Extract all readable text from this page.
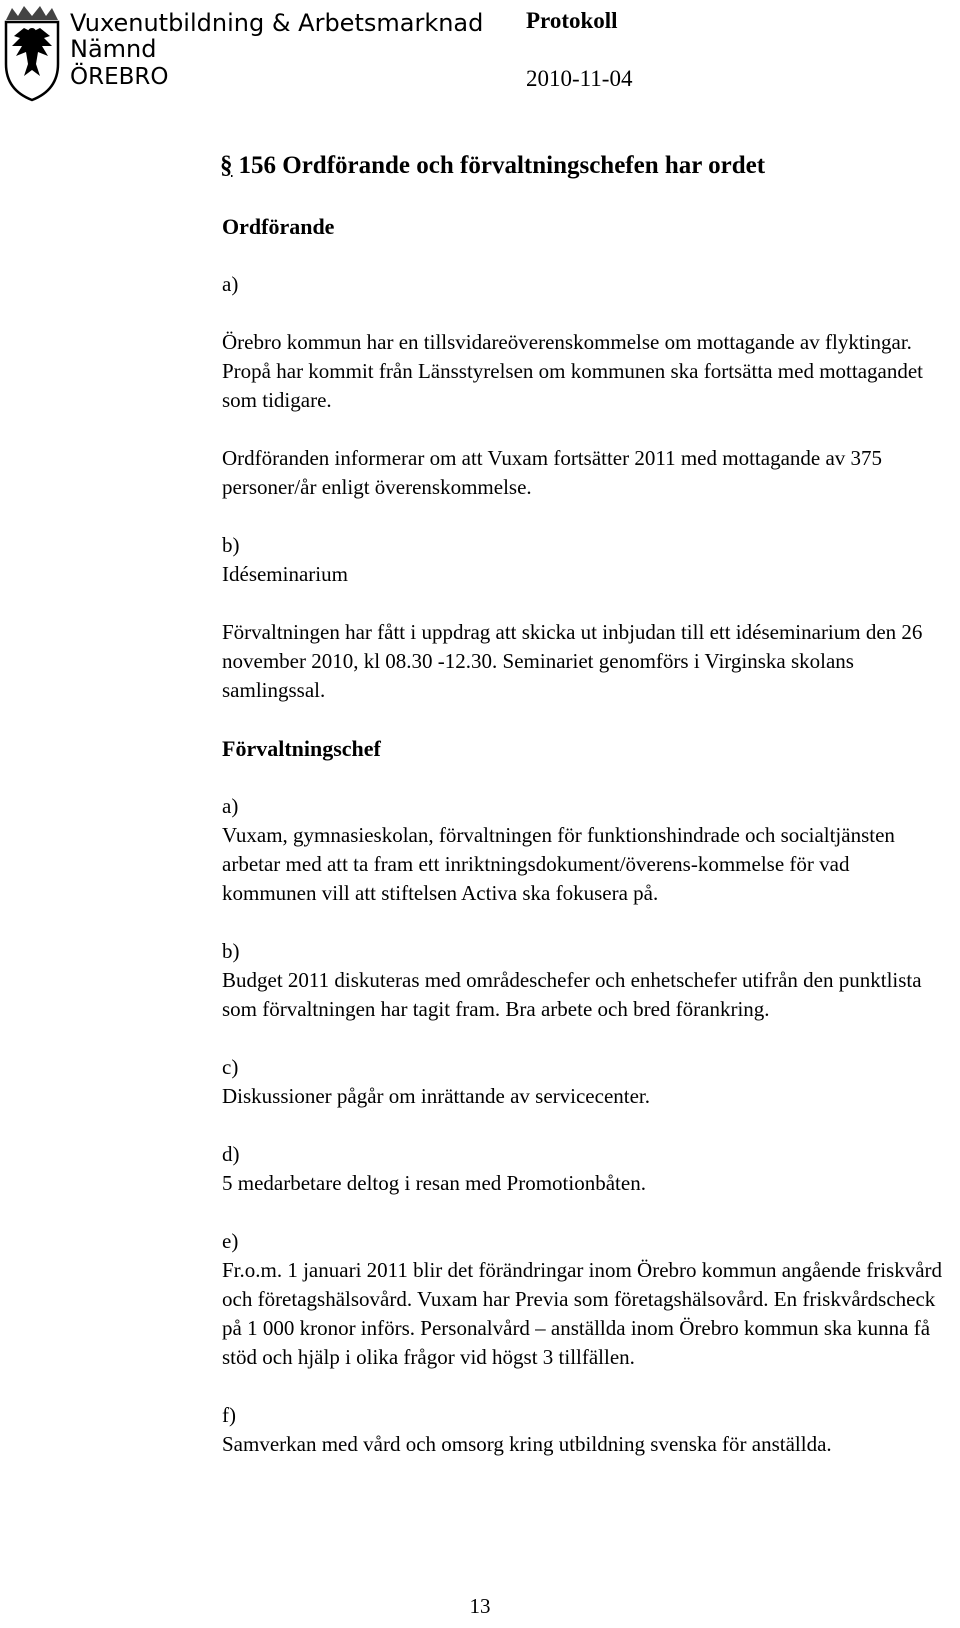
Vuxenutbildning & Arbetsmarknad
Nämnd
ÖREBRO
Protokoll
2010-11-04
§ 156 Ordförande och förvaltningschefen har ordet

Ordförande

a)

Örebro kommun har en tillsvidareöverenskommelse om mottagande av flyktingar. Propå har kommit från Länsstyrelsen om kommunen ska fortsätta med mottagandet som tidigare.

Ordföranden informerar om att Vuxam fortsätter 2011 med mottagande av 375 personer/år enligt överenskommelse.

b)

Idéseminarium

Förvaltningen har fått i uppdrag att skicka ut inbjudan till ett idéseminarium den 26 november 2010, kl 08.30 -12.30. Seminariet genomförs i Virginska skolans samlingssal.

Förvaltningschef

a)

Vuxam, gymnasieskolan, förvaltningen för funktionshindrade och socialtjänsten arbetar med att ta fram ett inriktningsdokument/överens-kommelse för vad kommunen vill att stiftelsen Activa ska fokusera på.

b)

Budget 2011 diskuteras med områdeschefer och enhetschefer utifrån den punktlista som förvaltningen har tagit fram. Bra arbete och bred förankring.

c)

Diskussioner pågår om inrättande av servicecenter.

d)

5 medarbetare deltog i resan med Promotionbåten.

e)

Fr.o.m. 1 januari 2011 blir det förändringar inom Örebro kommun angående friskvård och företagshälsovård. Vuxam har Previa som företagshälsovård. En friskvårdscheck på 1 000 kronor införs. Personalvård – anställda inom Örebro kommun ska kunna få stöd och hjälp i olika frågor vid högst 3 tillfällen.

f)

Samverkan med vård och omsorg kring utbildning svenska för anställda.

13
